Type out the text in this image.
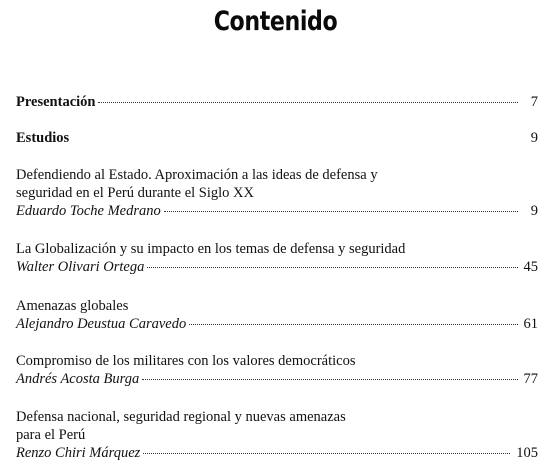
Contenido
Presentación	7
Estudios	9
Defendiendo al Estado. Aproximación a las ideas de defensa y
seguridad en el Perú durante el Siglo XX
Eduardo Toche Medrano	9
La Globalización y su impacto en los temas de defensa y seguridad
Walter Olivari Ortega	45
Amenazas globales
Alejandro Deustua Caravedo	61
Compromiso de los militares con los valores democráticos
Andrés Acosta Burga	77
Defensa nacional, seguridad regional y nuevas amenazas
para el Perú
Renzo Chiri Márquez	105
